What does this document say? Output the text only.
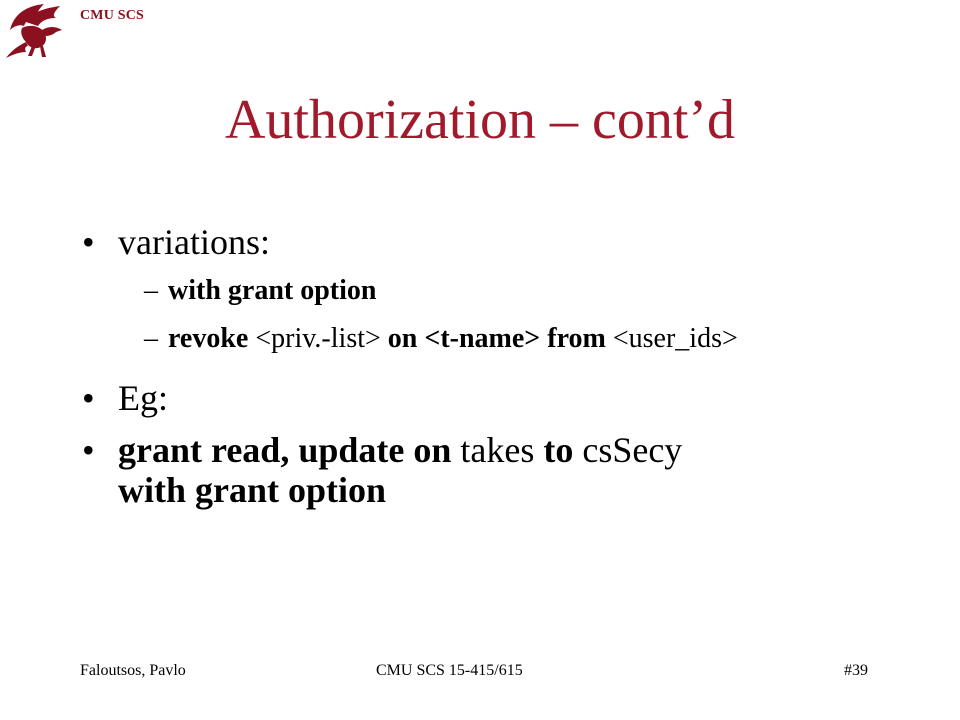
CMU SCS
Authorization – cont’d
• variations:
– with grant option
– revoke <priv.-list> on <t-name> from <user_ids>
• Eg:
• grant read, update on takes to csSecy
with grant option
Faloutsos, Pavlo	CMU SCS 15-415/615	#39
